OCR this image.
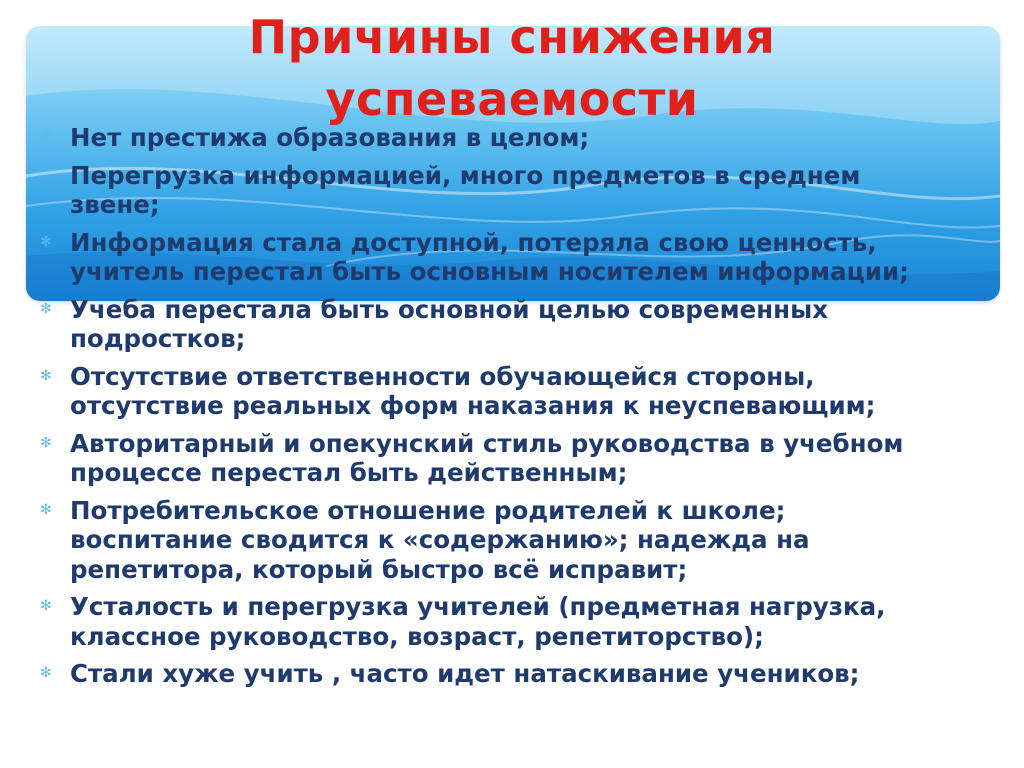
Причины снижения
успеваемости
✻ Нет престижа образования в целом;
Перегрузка информацией, много предметов в среднем звене;
✻ Информация стала доступной, потеряла свою ценность, учитель перестал быть основным носителем информации;
✻ Учеба перестала быть основной целью современных подростков;
✻ Отсутствие ответственности обучающейся стороны, отсутствие реальных форм наказания к неуспевающим;
✻ Авторитарный и опекунский стиль руководства в учебном процессе перестал быть действенным;
✻ Потребительское отношение родителей к школе; воспитание сводится к «содержанию»; надежда на репетитора, который быстро всё исправит;
✻ Усталость и перегрузка учителей (предметная нагрузка, классное руководство, возраст, репетиторство);
✻ Стали хуже учить , часто идет натаскивание учеников;
